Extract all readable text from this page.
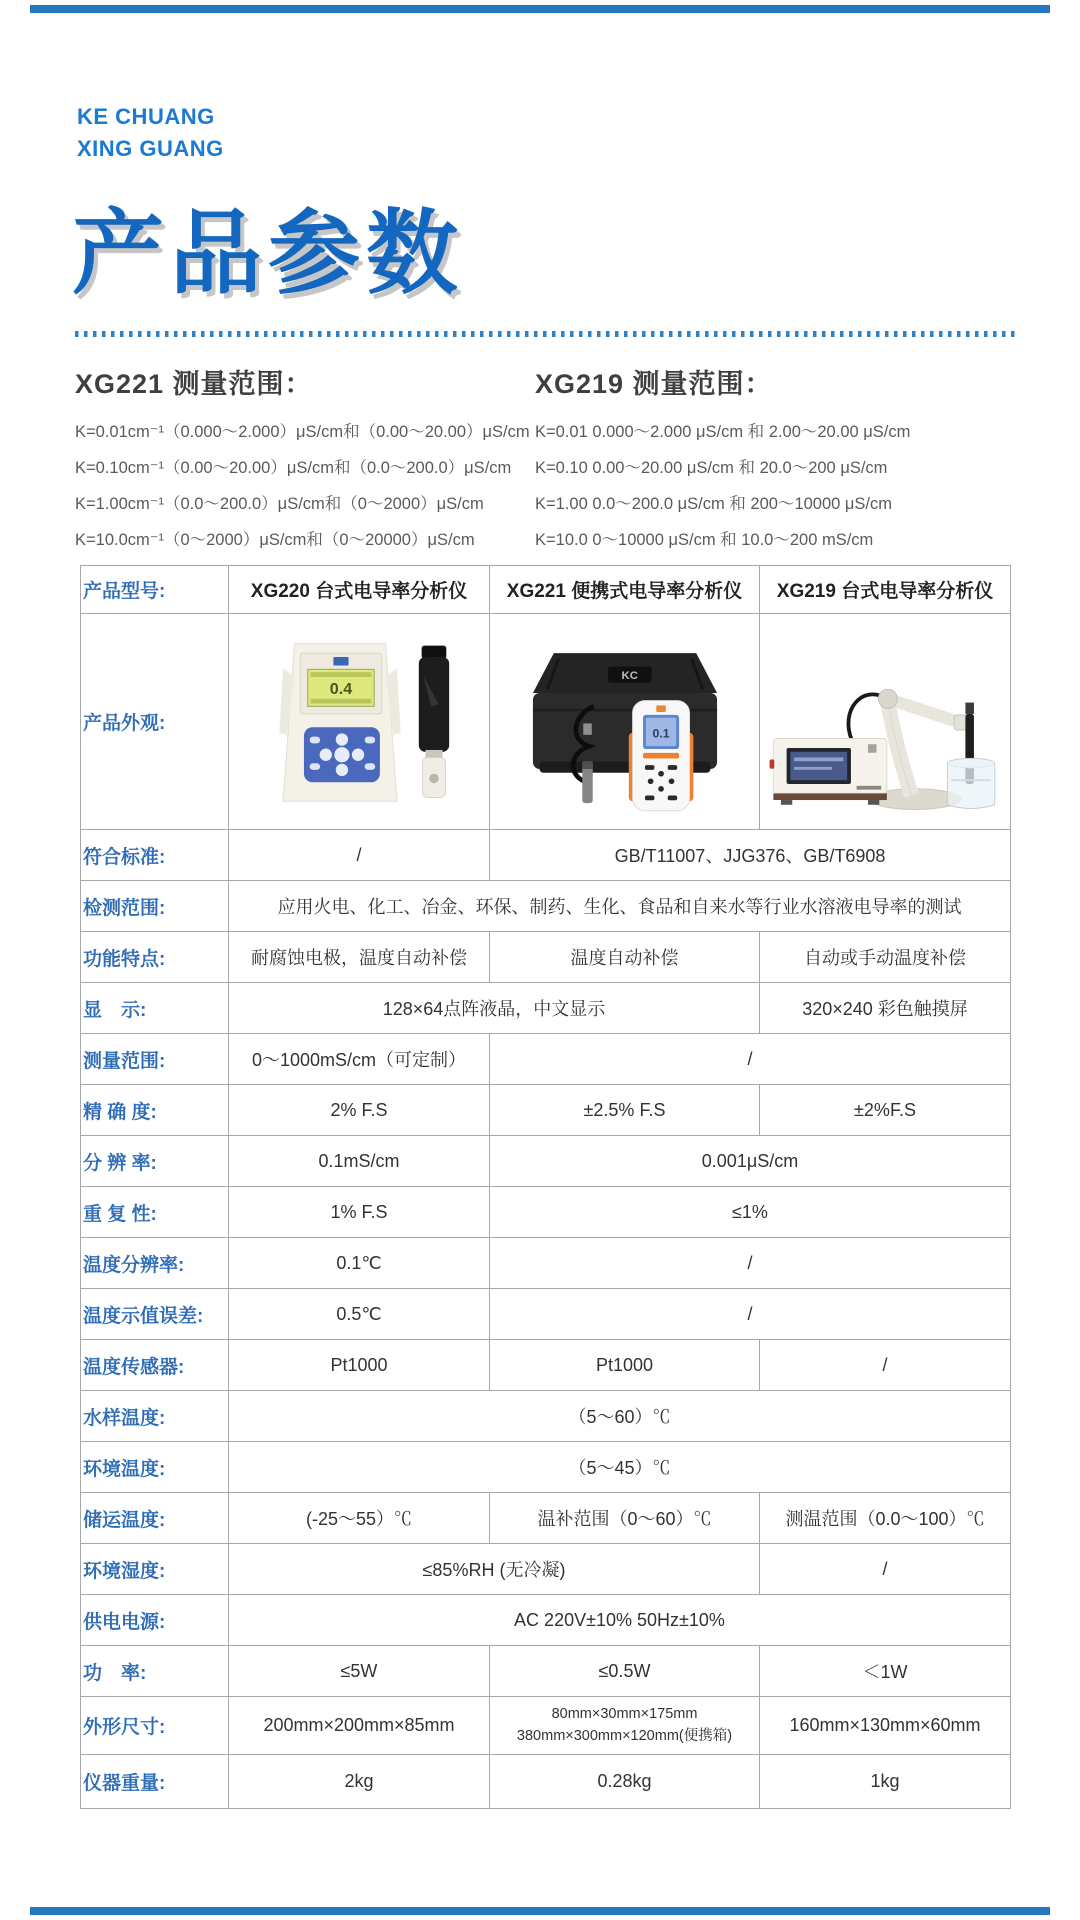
KE CHUANG
XING GUANG
产品参数
XG221 测量范围：

K=0.01cm⁻¹（0.000～2.000）μS/cm和（0.00～20.00）μS/cm

K=0.10cm⁻¹（0.00～20.00）μS/cm和（0.0～200.0）μS/cm

K=1.00cm⁻¹（0.0～200.0）μS/cm和（0～2000）μS/cm

K=10.0cm⁻¹（0～2000）μS/cm和（0～20000）μS/cm

XG219 测量范围：

K=0.01 0.000～2.000 μS/cm 和 2.00～20.00 μS/cm

K=0.10 0.00～20.00 μS/cm 和 20.0～200 μS/cm

K=1.00 0.0～200.0 μS/cm 和 200～10000 μS/cm

K=10.0 0～10000 μS/cm 和 10.0～200 mS/cm

产品型号:	XG220 台式电导率分析仪	XG221 便携式电导率分析仪	XG219 台式电导率分析仪
产品外观:	0.4	KC
0.1

符合标准:	/	GB/T11007、JJG376、GB/T6908	
检测范围:	应用火电、化工、冶金、环保、制药、生化、食品和自来水等行业水溶液电导率的测试		
功能特点:	耐腐蚀电极，温度自动补偿	温度自动补偿	自动或手动温度补偿
显　示:	128×64点阵液晶，中文显示		320×240 彩色触摸屏
测量范围:	0～1000mS/cm（可定制）	/	
精 确 度:	2% F.S	±2.5% F.S	±2%F.S
分 辨 率:	0.1mS/cm	0.001μS/cm	
重 复 性:	1% F.S	≤1%	
温度分辨率:	0.1℃	/	
温度示值误差:	0.5℃	/	
温度传感器:	Pt1000	Pt1000	/
水样温度:	（5～60）℃		
环境温度:	（5～45）℃		
储运温度:	(-25～55）℃	温补范围（0～60）℃	测温范围（0.0～100）℃
环境湿度:	≤85%RH (无冷凝)		/
供电电源:	AC 220V±10% 50Hz±10%		
功　率:	≤5W	≤0.5W	＜1W
外形尺寸:	200mm×200mm×85mm	80mm×30mm×175mm
380mm×300mm×120mm(便携箱)	160mm×130mm×60mm
仪器重量:	2kg	0.28kg	1kg
